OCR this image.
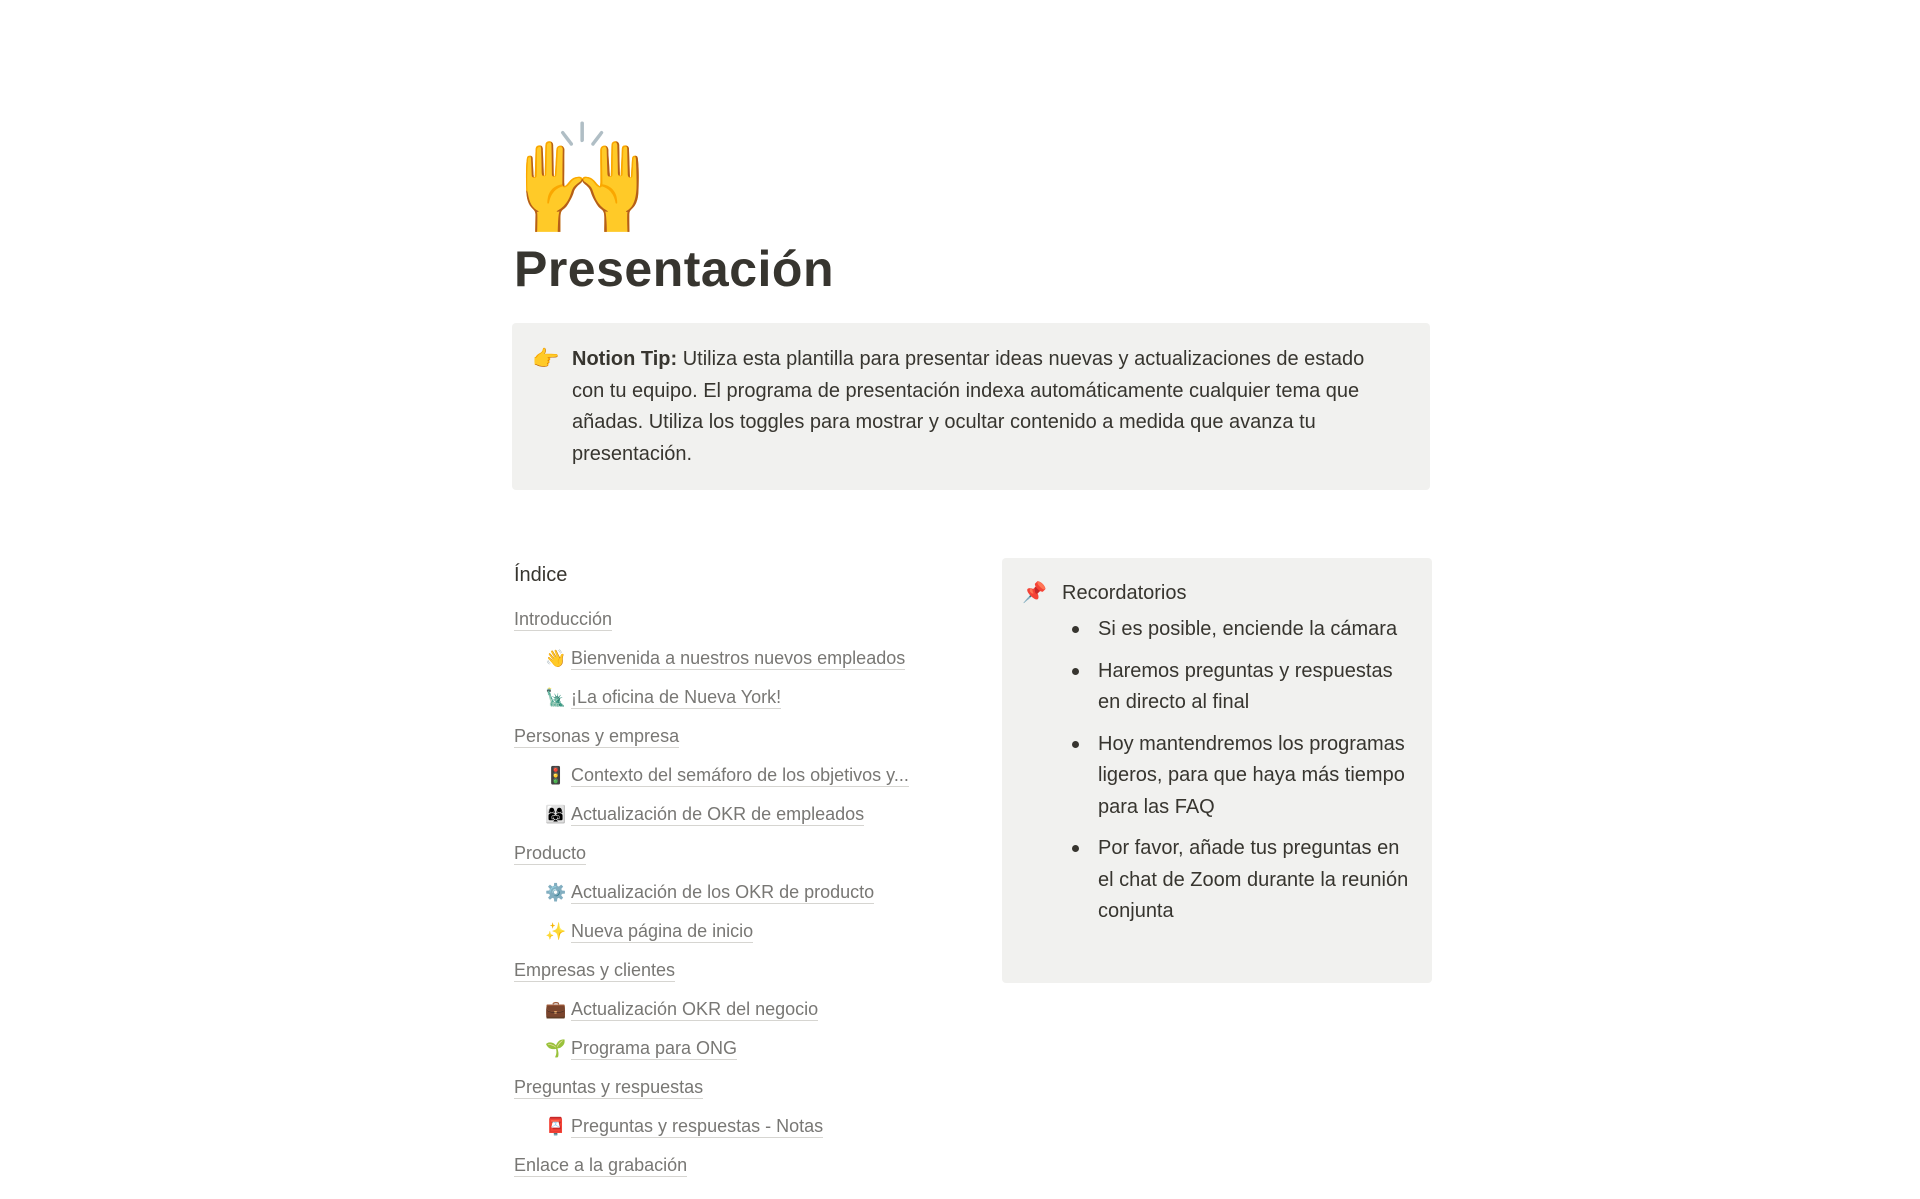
🙌
Presentación
👉 Notion Tip: Utiliza esta plantilla para presentar ideas nuevas y actualizaciones de estado con tu equipo. El programa de presentación indexa automáticamente cualquier tema que añadas. Utiliza los toggles para mostrar y ocultar contenido a medida que avanza tu presentación.
Índice
Introducción
👋 Bienvenida a nuestros nuevos empleados
🗽 ¡La oficina de Nueva York!
Personas y empresa
🚦 Contexto del semáforo de los objetivos y...
👩‍👩‍👧 Actualización de OKR de empleados
Producto
⚙️ Actualización de los OKR de producto
✨ Nueva página de inicio
Empresas y clientes
💼 Actualización OKR del negocio
🌱 Programa para ONG
Preguntas y respuestas
📮 Preguntas y respuestas - Notas
Enlace a la grabación
📌 Recordatorios
Si es posible, enciende la cámara
Haremos preguntas y respuestas en directo al final
Hoy mantendremos los programas ligeros, para que haya más tiempo para las FAQ
Por favor, añade tus preguntas en el chat de Zoom durante la reunión conjunta
